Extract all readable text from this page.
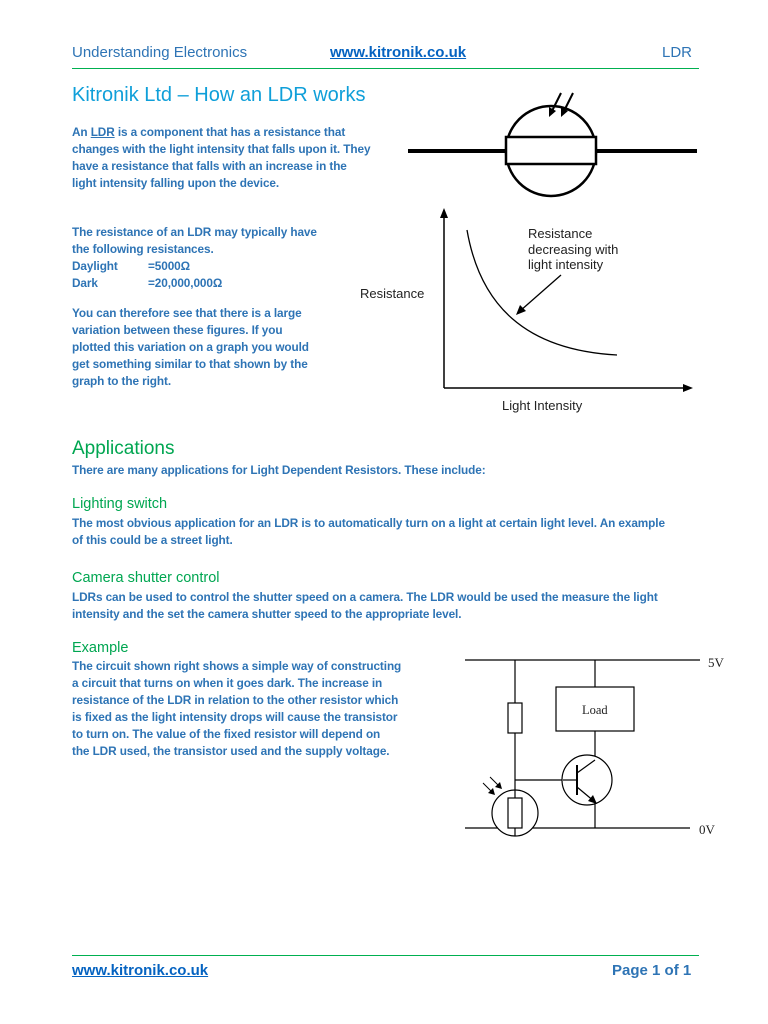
Understanding Electronics	www.kitronik.co.uk	LDR
Kitronik Ltd – How an LDR works
An LDR is a component that has a resistance that
changes with the light intensity that falls upon it. They
have a resistance that falls with an increase in the
light intensity falling upon the device.
The resistance of an LDR may typically have
the following resistances.
Daylight	=5000Ω
Dark	=20,000,000Ω
You can therefore see that there is a large
variation between these figures. If you
plotted this variation on a graph you would
get something similar to that shown by the
graph to the right.
Resistance
decreasing with
light intensity
Resistance
Light Intensity
Applications
There are many applications for Light Dependent Resistors. These include:
Lighting switch
The most obvious application for an LDR is to automatically turn on a light at certain light level. An example
of this could be a street light.
Camera shutter control
LDRs can be used to control the shutter speed on a camera. The LDR would be used the measure the light
intensity and the set the camera shutter speed to the appropriate level.
Example
The circuit shown right shows a simple way of constructing
a circuit that turns on when it goes dark. The increase in
resistance of the LDR in relation to the other resistor which
is fixed as the light intensity drops will cause the transistor
to turn on. The value of the fixed resistor will depend on
the LDR used, the transistor used and the supply voltage.
5V
0V
Load
www.kitronik.co.uk	Page 1 of 1
